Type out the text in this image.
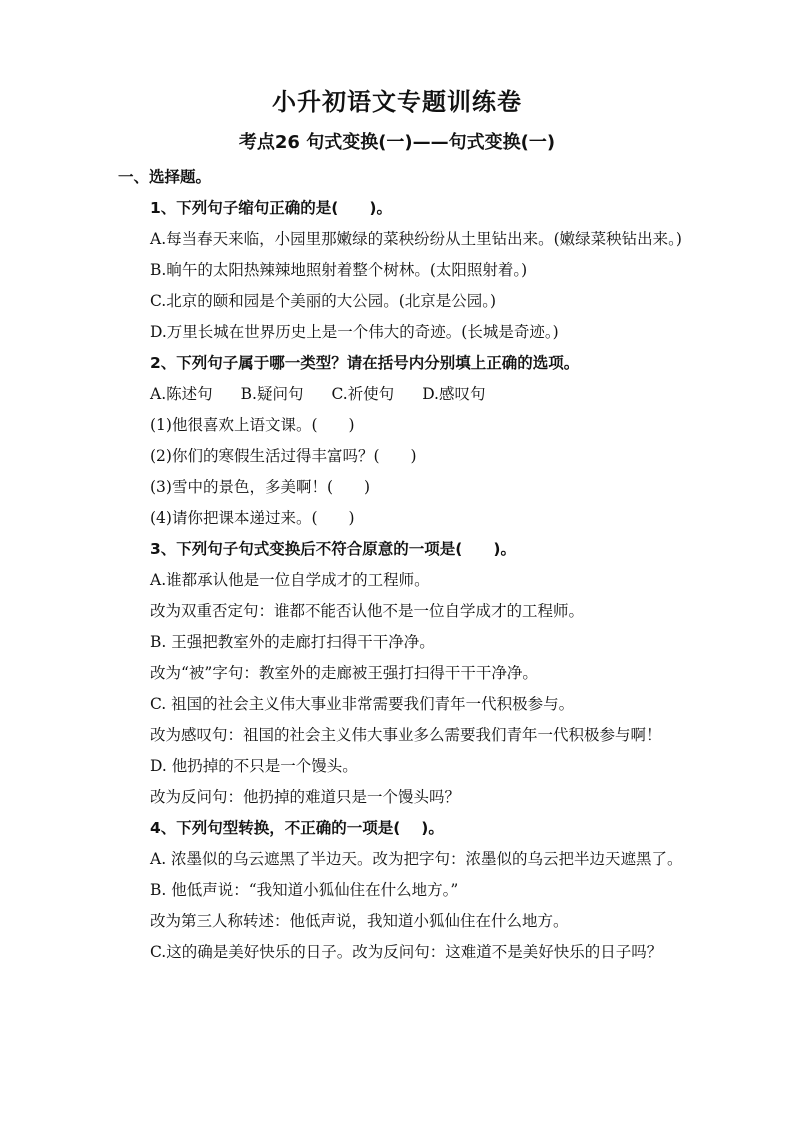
小升初语文专题训练卷
考点26 句式变换(一)——句式变换(一)
一、选择题。
1、下列句子缩句正确的是(　　)。
A.每当春天来临，小园里那嫩绿的菜秧纷纷从土里钻出来。(嫩绿菜秧钻出来。)
B.晌午的太阳热辣辣地照射着整个树林。(太阳照射着。)
C.北京的颐和园是个美丽的大公园。(北京是公园。)
D.万里长城在世界历史上是一个伟大的奇迹。(长城是奇迹。)
2、下列句子属于哪一类型？请在括号内分别填上正确的选项。
A.陈述句 B.疑问句 C.祈使句 D.感叹句
(1)他很喜欢上语文课。(　　)
(2)你们的寒假生活过得丰富吗？(　　)
(3)雪中的景色，多美啊！(　　)
(4)请你把课本递过来。(　　)
3、下列句子句式变换后不符合原意的一项是(　　)。
A.谁都承认他是一位自学成才的工程师。
改为双重否定句：谁都不能否认他不是一位自学成才的工程师。
B. 王强把教室外的走廊打扫得干干净净。
改为“被”字句：教室外的走廊被王强打扫得干干干净净。
C. 祖国的社会主义伟大事业非常需要我们青年一代积极参与。
改为感叹句：祖国的社会主义伟大事业多么需要我们青年一代积极参与啊！
D. 他扔掉的不只是一个馒头。
改为反问句：他扔掉的难道只是一个馒头吗？
4、下列句型转换，不正确的一项是(　 )。
A. 浓墨似的乌云遮黑了半边天。改为把字句：浓墨似的乌云把半边天遮黑了。
B. 他低声说：“我知道小狐仙住在什么地方。”
改为第三人称转述：他低声说，我知道小狐仙住在什么地方。
C.这的确是美好快乐的日子。改为反问句：这难道不是美好快乐的日子吗？
